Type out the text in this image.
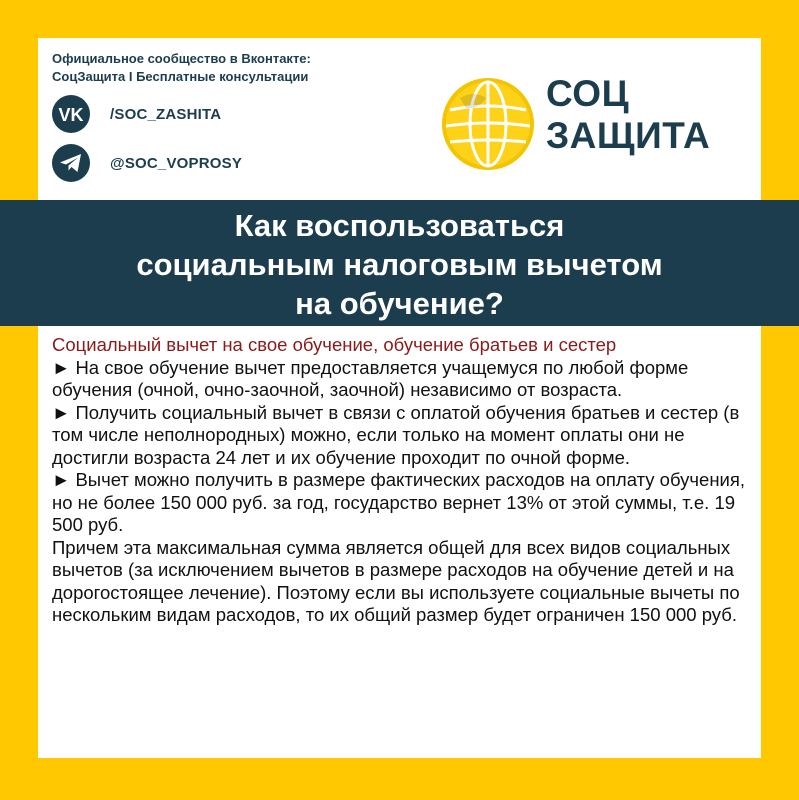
Официальное сообщество в Вконтакте:
СоцЗащита I Бесплатные консультации
VK /SOC_ZASHITA
@SOC_VOPROSY
СОЦ
ЗАЩИТА
Как воспользоваться
социальным налоговым вычетом
на обучение?

Социальный вычет на свое обучение, обучение братьев и сестер

► На свое обучение вычет предоставляется учащемуся по любой форме обучения (очной, очно-заочной, заочной) независимо от возраста.

► Получить социальный вычет в связи с оплатой обучения братьев и сестер (в том числе неполнородных) можно, если только на момент оплаты они не достигли возраста 24 лет и их обучение проходит по очной форме.

► Вычет можно получить в размере фактических расходов на оплату обучения, но не более 150 000 руб. за год, государство вернет 13% от этой суммы, т.е. 19 500 руб.

Причем эта максимальная сумма является общей для всех видов социальных вычетов (за исключением вычетов в размере расходов на обучение детей и на дорогостоящее лечение). Поэтому если вы используете социальные вычеты по нескольким видам расходов, то их общий размер будет ограничен 150 000 руб.
